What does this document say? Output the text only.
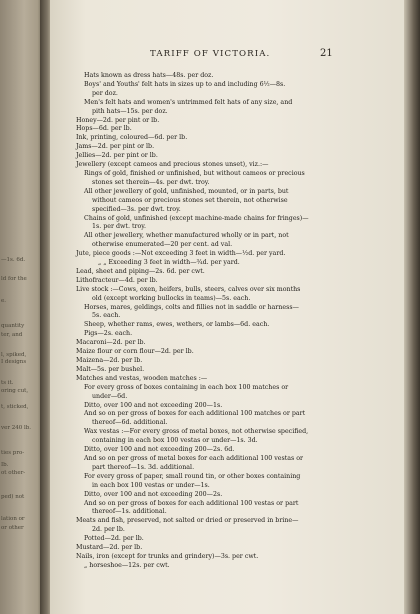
—1s. 6d.
ld for the
e.
quantity
ter, and
l, spiked,
I designs
ts it.
oring cut,
t, sticked,
ver 240 lb.
ties pro-
Ib.
ot other-
ped) not
lation or
or other
TARIFF OF VICTORIA.	21
Hats known as dress hats—48s. per doz.
Boys' and Youths' felt hats in sizes up to and including 6½—8s.
per doz.
Men's felt hats and women's untrimmed felt hats of any size, and
pith hats—15s. per doz.
Honey—2d. per pint or lb.
Hops—6d. per lb.
Ink, printing, coloured—6d. per lb.
Jams—2d. per pint or lb.
Jellies—2d. per pint or lb.
Jewellery (except cameos and precious stones unset), viz.:—
Rings of gold, finished or unfinished, but without cameos or precious
stones set therein—4s. per dwt. troy.
All other jewellery of gold, unfinished, mounted, or in parts, but
without cameos or precious stones set therein, not otherwise
specified—3s. per dwt. troy.
Chains of gold, unfinished (except machine-made chains for fringes)—
1s. per dwt. troy.
All other jewellery, whether manufactured wholly or in part, not
otherwise enumerated—20 per cent. ad val.
Jute, piece goods :—Not exceeding 3 feet in width—½d. per yard.
„ „ Exceeding 3 feet in width—¾d. per yard.
Lead, sheet and piping—2s. 6d. per cwt.
Lithofracteur—4d. per lb.
Live stock :—Cows, oxen, heifers, bulls, steers, calves over six months
old (except working bullocks in teams)—5s. each.
Horses, mares, geldings, colts and fillies not in saddle or harness—
5s. each.
Sheep, whether rams, ewes, wethers, or lambs—6d. each.
Pigs—2s. each.
Macaroni—2d. per lb.
Maize flour or corn flour—2d. per lb.
Maizena—2d. per lb.
Malt—5s. per bushel.
Matches and vestas, wooden matches :—
For every gross of boxes containing in each box 100 matches or
under—6d.
Ditto, over 100 and not exceeding 200—1s.
And so on per gross of boxes for each additional 100 matches or part
thereof—6d. additional.
Wax vestas :—For every gross of metal boxes, not otherwise specified,
containing in each box 100 vestas or under—1s. 3d.
Ditto, over 100 and not exceeding 200—2s. 6d.
And so on per gross of metal boxes for each additional 100 vestas or
part thereof—1s. 3d. additional.
For every gross of paper, small round tin, or other boxes containing
in each box 100 vestas or under—1s.
Ditto, over 100 and not exceeding 200—2s.
And so on per gross of boxes for each additional 100 vestas or part
thereof—1s. additional.
Meats and fish, preserved, not salted or dried or preserved in brine—
2d. per lb.
Potted—2d. per lb.
Mustard—2d. per lb.
Nails, iron (except for trunks and grindery)—3s. per cwt.
„ horseshoe—12s. per cwt.
